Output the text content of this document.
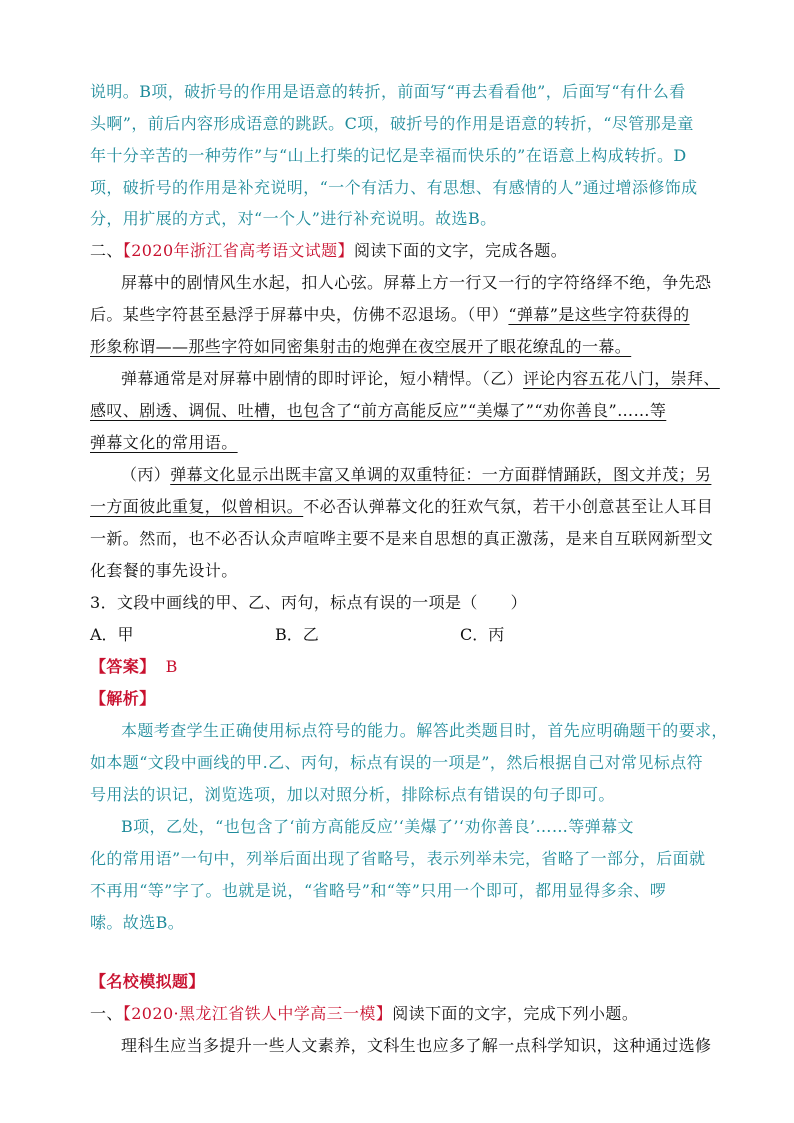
说明。B项，破折号的作用是语意的转折，前面写“再去看看他”，后面写“有什么看
头啊”，前后内容形成语意的跳跃。C项，破折号的作用是语意的转折，“尽管那是童
年十分辛苦的一种劳作”与“山上打柴的记忆是幸福而快乐的”在语意上构成转折。D
项，破折号的作用是补充说明，“一个有活力、有思想、有感情的人”通过增添修饰成
分，用扩展的方式，对“一个人”进行补充说明。故选B。
二、【2020年浙江省高考语文试题】阅读下面的文字，完成各题。
屏幕中的剧情风生水起，扣人心弦。屏幕上方一行又一行的字符络绎不绝，争先恐
后。某些字符甚至悬浮于屏幕中央，仿佛不忍退场。（甲）“弹幕”是这些字符获得的
形象称谓——那些字符如同密集射击的炮弹在夜空展开了眼花缭乱的一幕。
弹幕通常是对屏幕中剧情的即时评论，短小精悍。（乙）评论内容五花八门，崇拜、
感叹、剧透、调侃、吐槽，也包含了“前方高能反应”“美爆了”“劝你善良”……等
弹幕文化的常用语。
（丙）弹幕文化显示出既丰富又单调的双重特征：一方面群情踊跃，图文并茂；另
一方面彼此重复，似曾相识。不必否认弹幕文化的狂欢气氛，若干小创意甚至让人耳目
一新。然而，也不必否认众声喧哗主要不是来自思想的真正激荡，是来自互联网新型文
化套餐的事先设计。
3．文段中画线的甲、乙、丙句，标点有误的一项是（　　）
A．甲	B．乙	C．丙
【答案】 B
【解析】
本题考查学生正确使用标点符号的能力。解答此类题目时，首先应明确题干的要求，
如本题“文段中画线的甲.乙、丙句，标点有误的一项是”，然后根据自己对常见标点符
号用法的识记，浏览选项，加以对照分析，排除标点有错误的句子即可。
B项，乙处，“也包含了‘前方高能反应’‘美爆了’‘劝你善良’……等弹幕文
化的常用语”一句中，列举后面出现了省略号，表示列举未完，省略了一部分，后面就
不再用“等”字了。也就是说，“省略号”和“等”只用一个即可，都用显得多余、啰
嗦。故选B。
【名校模拟题】
一、【2020·黑龙江省铁人中学高三一模】阅读下面的文字，完成下列小题。
理科生应当多提升一些人文素养，文科生也应多了解一点科学知识，这种通过选修
